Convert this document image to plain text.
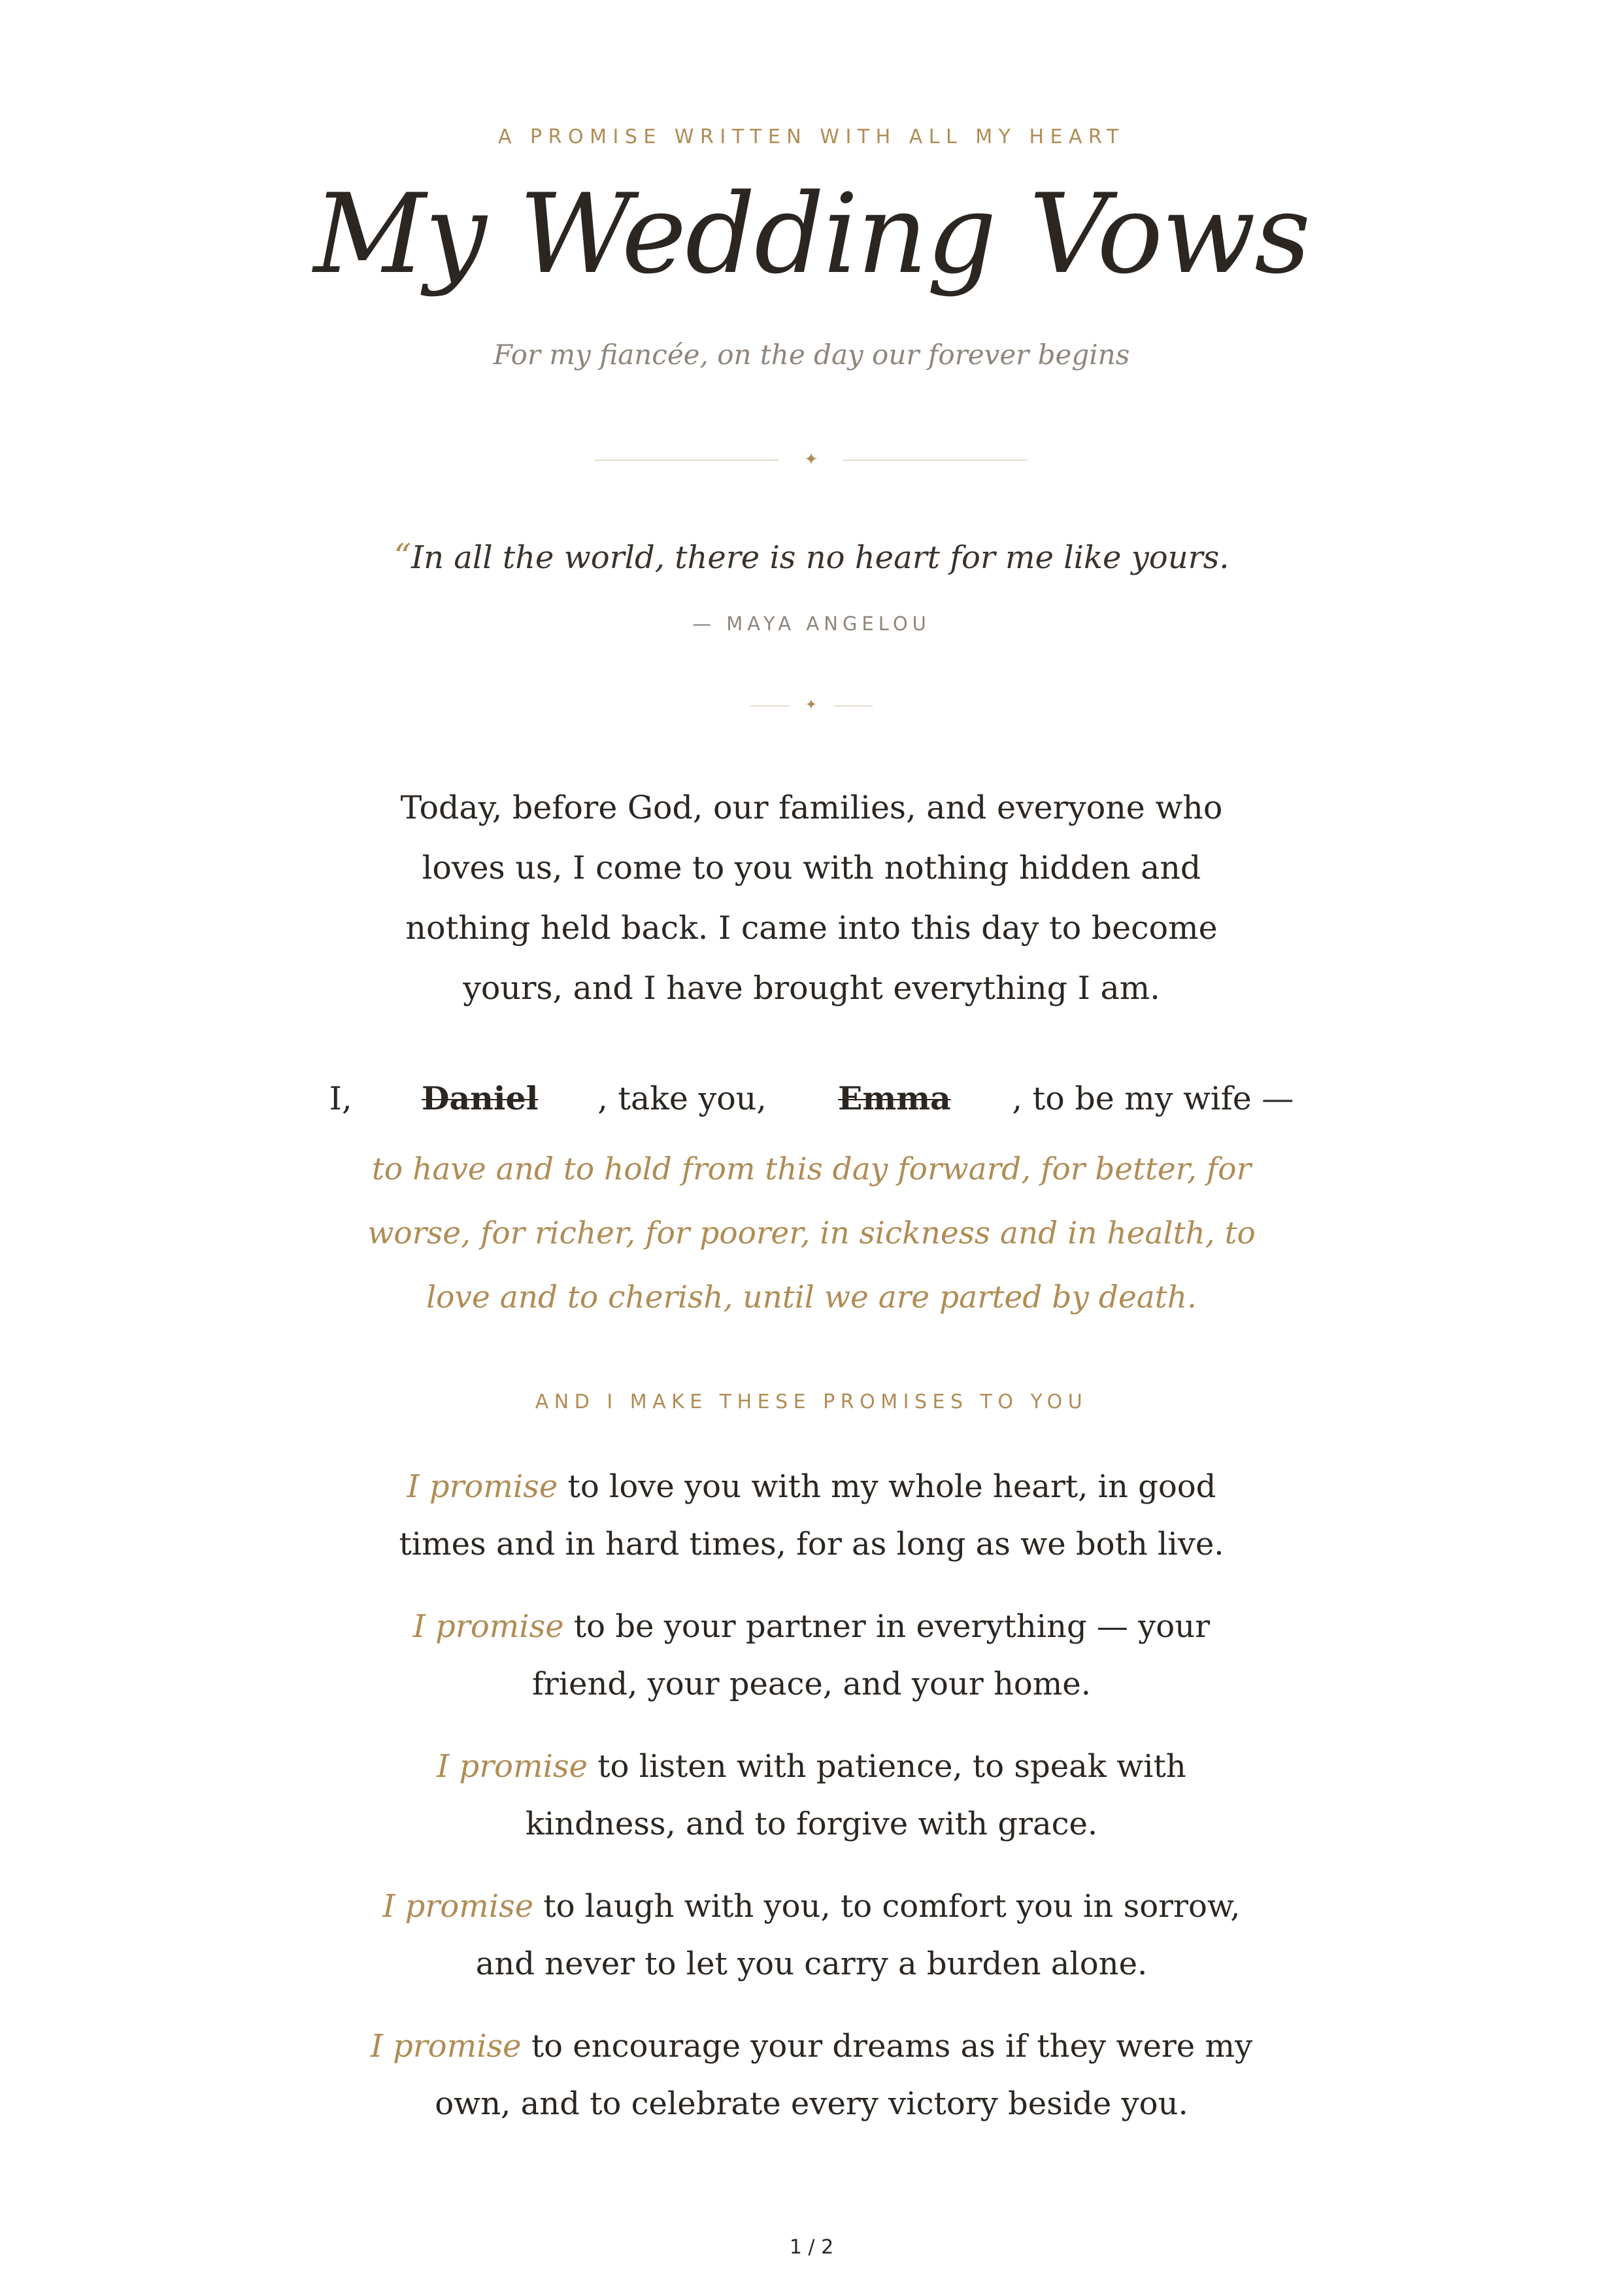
A PROMISE WRITTEN WITH ALL MY HEART
My Wedding Vows
For my fiancée, on the day our forever begins
✦
“In all the world, there is no heart for me like yours.
— MAYA ANGELOU
✦

Today, before God, our families, and everyone who loves us, I come to you with nothing hidden and nothing held back. I came into this day to become yours, and I have brought everything I am.

I, Daniel , take you, Emma , to be my wife —

to have and to hold from this day forward, for better, for worse, for richer, for poorer, in sickness and in health, to love and to cherish, until we are parted by death.

AND I MAKE THESE PROMISES TO YOU
I promise to love you with my whole heart, in good times and in hard times, for as long as we both live.
I promise to be your partner in everything — your friend, your peace, and your home.
I promise to listen with patience, to speak with kindness, and to forgive with grace.
I promise to laugh with you, to comfort you in sorrow, and never to let you carry a burden alone.
I promise to encourage your dreams as if they were my own, and to celebrate every victory beside you.
1 / 2
